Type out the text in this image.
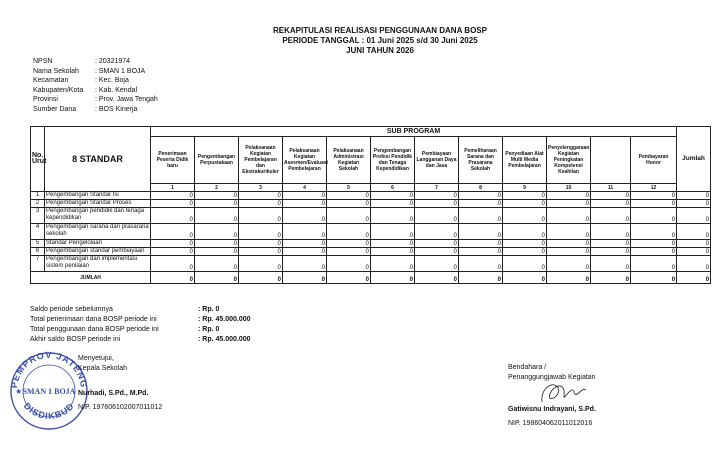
REKAPITULASI REALISASI PENGGUNAAN DANA BOSP
PERIODE TANGGAL : 01 Juni 2025 s/d 30 Juni 2025
JUNI TAHUN 2026
NPSN	: 20321974
Nama Sekolah	: SMAN 1 BOJA
Kecamatan	: Kec. Boja
Kabupaten/Kota	: Kab. Kendal
Provinsi	: Prov. Jawa Tengah
Sumber Dana	: BOS Kinerja
No. Urut	8 STANDAR	SUB PROGRAM												Jumlah
		Penerimaan Peserta Didik baru	Pengembangan Perpustakaan	Pelaksanaan Kegiatan Pembelajaran dan Ekstrakurikuler	Pelaksanaan Kegiatan Asesmen/Evaluasi Pembelajaran	Pelaksanaan Administrasi Kegiatan Sekolah	Pengembangan Profesi Pendidik dan Tenaga Kependidikan	Pembiayaan Langganan Daya dan Jasa	Pemeliharaan Sarana dan Prasarana Sekolah	Penyediaan Alat Multi Media Pembelajaran	Penyelenggaraan Kegiatan Peningkatan Kompetensi Keahlian		Pembayaran Honor	
		1	2	3	4	5	6	7	8	9	10	11	12	
1	Pengembangan Standar Isi	0	0	0	0	0	0	0	0	0	0	0	0	0
2	Pengembangan Standar Proses	0	0	0	0	0	0	0	0	0	0	0	0	0
3	Pengembangan pendidik dan tenaga kependidikan	0	0	0	0	0	0	0	0	0	0	0	0	0
4	Pengembangan sarana dan prasarana sekolah	0	0	0	0	0	0	0	0	0	0	0	0	0
5	Standar Pengelolaan	0	0	0	0	0	0	0	0	0	0	0	0	0
6	Pengembangan standar pembiayaan	0	0	0	0	0	0	0	0	0	0	0	0	0
7	Pengembangan dan implementasi sistem penilaian	0	0	0	0	0	0	0	0	0	0	0	0	0
JUMLAH		0	0	0	0	0	0	0	0	0	0	0	0	0
Saldo periode sebelumnya	: Rp. 0
Total penerimaan dana BOSP periode ini	: Rp. 45.000.000
Total penggunaan dana BOSP periode ini	: Rp. 0
Akhir saldo BOSP periode ini	: Rp. 45.000.000
PEMPROV JATENG
DISDIKBUD
SMAN 1 BOJA
★
Menyetujui,
Kepala Sekolah
Nurhadi, S.Pd., M.Pd.
NIP. 197606102007011012
Bendahara /
Penanggungjawab Kegiatan
Gatiwisnu Indrayani, S.Pd.
NIP. 198604062011012016
